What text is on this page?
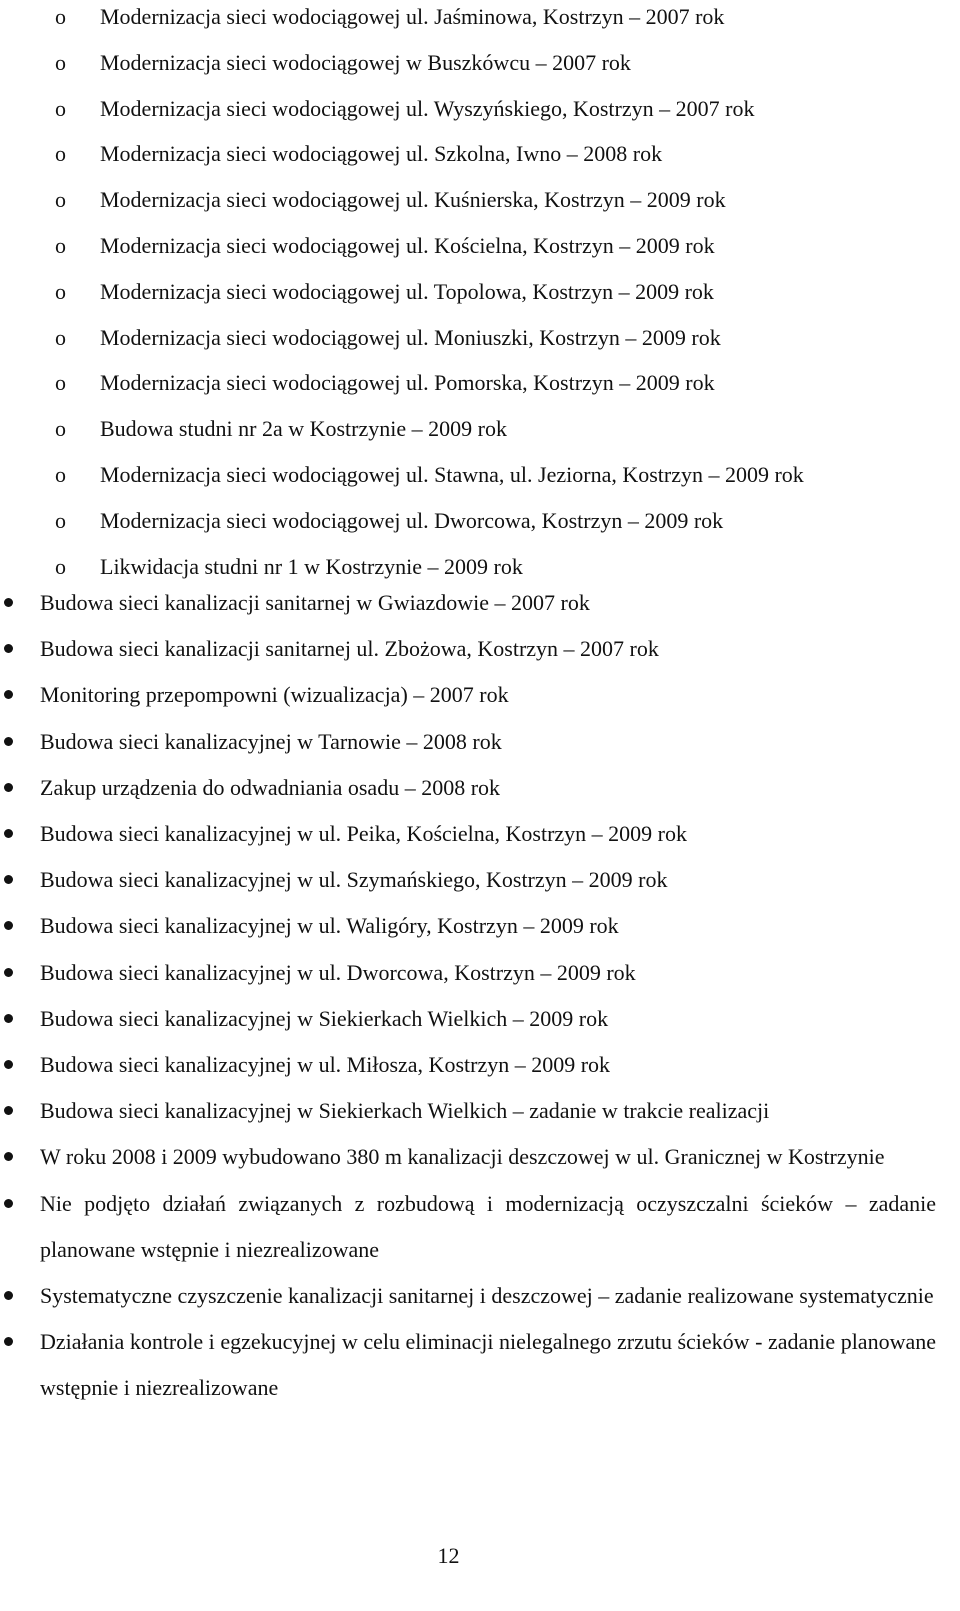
o Modernizacja sieci wodociągowej ul. Jaśminowa, Kostrzyn – 2007 rok
o Modernizacja sieci wodociągowej w Buszkówcu – 2007 rok
o Modernizacja sieci wodociągowej ul. Wyszyńskiego, Kostrzyn – 2007 rok
o Modernizacja sieci wodociągowej ul. Szkolna, Iwno – 2008 rok
o Modernizacja sieci wodociągowej ul. Kuśnierska, Kostrzyn – 2009 rok
o Modernizacja sieci wodociągowej ul. Kościelna, Kostrzyn – 2009 rok
o Modernizacja sieci wodociągowej ul. Topolowa, Kostrzyn – 2009 rok
o Modernizacja sieci wodociągowej ul. Moniuszki, Kostrzyn – 2009 rok
o Modernizacja sieci wodociągowej ul. Pomorska, Kostrzyn – 2009 rok
o Budowa studni nr 2a w Kostrzynie – 2009 rok
o Modernizacja sieci wodociągowej ul. Stawna, ul. Jeziorna, Kostrzyn – 2009 rok
o Modernizacja sieci wodociągowej ul. Dworcowa, Kostrzyn – 2009 rok
o Likwidacja studni nr 1 w Kostrzynie – 2009 rok
Budowa sieci kanalizacji sanitarnej w Gwiazdowie – 2007 rok
Budowa sieci kanalizacji sanitarnej ul. Zbożowa, Kostrzyn – 2007 rok
Monitoring przepompowni (wizualizacja) – 2007 rok
Budowa sieci kanalizacyjnej w Tarnowie – 2008 rok
Zakup urządzenia do odwadniania osadu – 2008 rok
Budowa sieci kanalizacyjnej w ul. Peika, Kościelna, Kostrzyn – 2009 rok
Budowa sieci kanalizacyjnej w ul. Szymańskiego, Kostrzyn – 2009 rok
Budowa sieci kanalizacyjnej w ul. Waligóry, Kostrzyn – 2009 rok
Budowa sieci kanalizacyjnej w ul. Dworcowa, Kostrzyn – 2009 rok
Budowa sieci kanalizacyjnej w Siekierkach Wielkich – 2009 rok
Budowa sieci kanalizacyjnej w ul. Miłosza, Kostrzyn – 2009 rok
Budowa sieci kanalizacyjnej w Siekierkach Wielkich – zadanie w trakcie realizacji
W roku 2008 i 2009 wybudowano 380 m kanalizacji deszczowej w ul. Granicznej w Kostrzynie
Nie podjęto działań związanych z rozbudową i modernizacją oczyszczalni ścieków – zadanie planowane wstępnie i niezrealizowane
Systematyczne czyszczenie kanalizacji sanitarnej i deszczowej – zadanie realizowane systematycznie
Działania kontrole i egzekucyjnej w celu eliminacji nielegalnego zrzutu ścieków - zadanie planowane wstępnie i niezrealizowane
12
